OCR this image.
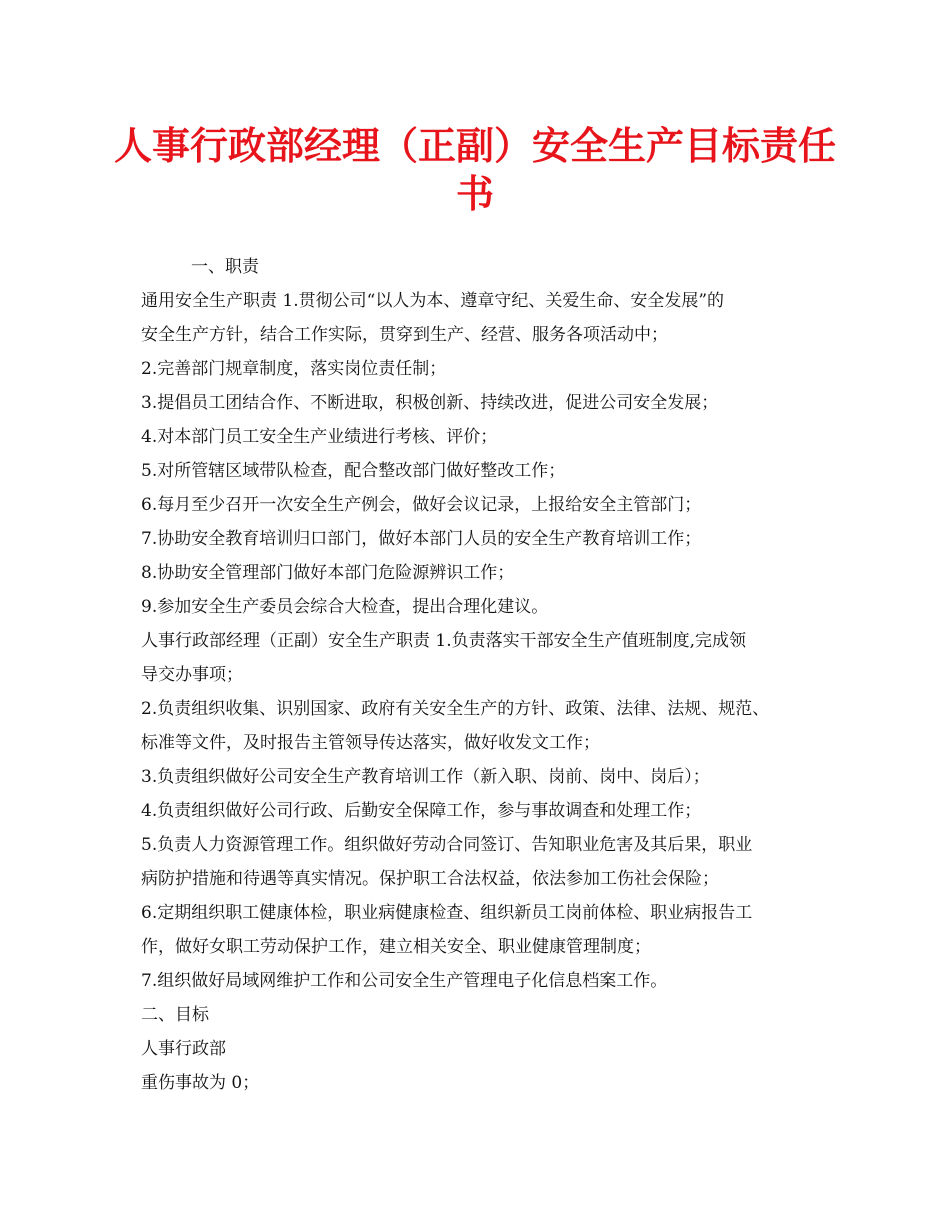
人事行政部经理（正副）安全生产目标责任
书
一、职责
通用安全生产职责 1.贯彻公司“以人为本、遵章守纪、关爱生命、安全发展”的
安全生产方针，结合工作实际，贯穿到生产、经营、服务各项活动中；
2.完善部门规章制度，落实岗位责任制；
3.提倡员工团结合作、不断进取，积极创新、持续改进，促进公司安全发展；
4.对本部门员工安全生产业绩进行考核、评价；
5.对所管辖区域带队检查，配合整改部门做好整改工作；
6.每月至少召开一次安全生产例会，做好会议记录，上报给安全主管部门；
7.协助安全教育培训归口部门，做好本部门人员的安全生产教育培训工作；
8.协助安全管理部门做好本部门危险源辨识工作；
9.参加安全生产委员会综合大检查，提出合理化建议。
人事行政部经理（正副）安全生产职责 1.负责落实干部安全生产值班制度,完成领
导交办事项；
2.负责组织收集、识别国家、政府有关安全生产的方针、政策、法律、法规、规范、
标准等文件，及时报告主管领导传达落实，做好收发文工作；
3.负责组织做好公司安全生产教育培训工作（新入职、岗前、岗中、岗后）；
4.负责组织做好公司行政、后勤安全保障工作，参与事故调查和处理工作；
5.负责人力资源管理工作。组织做好劳动合同签订、告知职业危害及其后果，职业
病防护措施和待遇等真实情况。保护职工合法权益，依法参加工伤社会保险；
6.定期组织职工健康体检，职业病健康检查、组织新员工岗前体检、职业病报告工
作，做好女职工劳动保护工作，建立相关安全、职业健康管理制度；
7.组织做好局域网维护工作和公司安全生产管理电子化信息档案工作。
二、目标
人事行政部
重伤事故为 0；
